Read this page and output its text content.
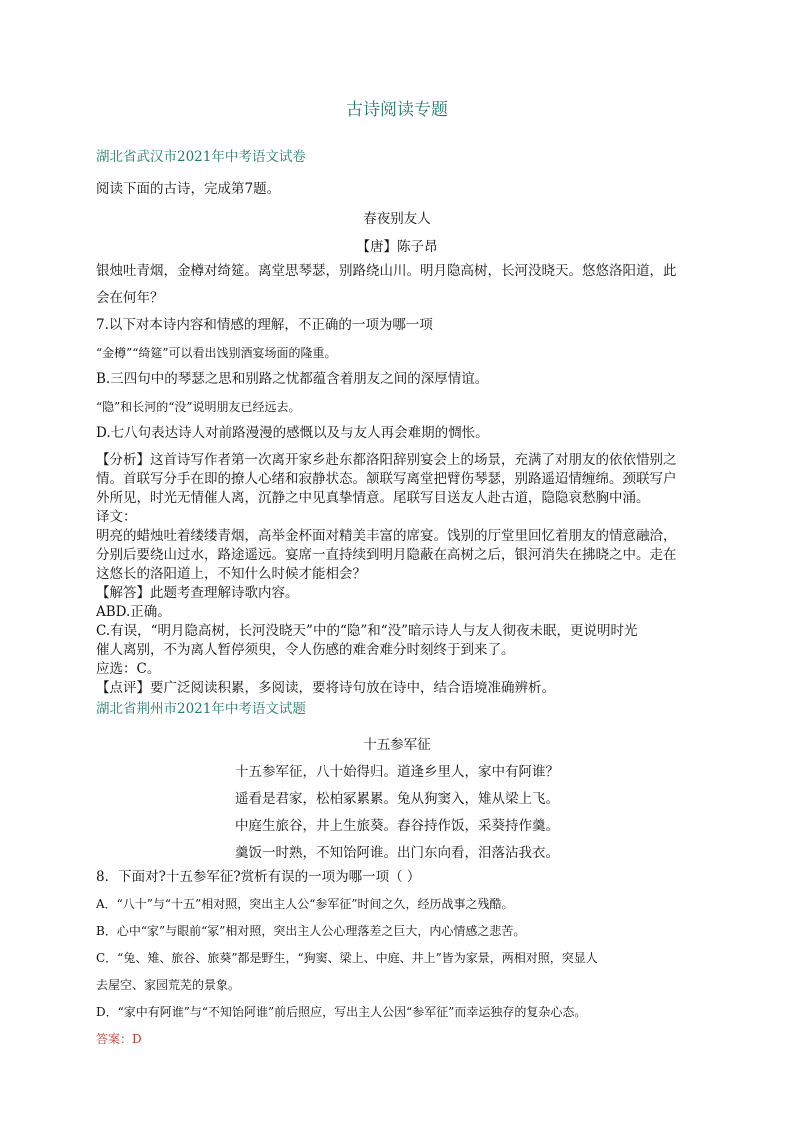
古诗阅读专题
湖北省武汉市2021年中考语文试卷
阅读下面的古诗，完成第7题。
春夜别友人
【唐】陈子昂
银烛吐青烟，金樽对绮筵。离堂思琴瑟，别路绕山川。明月隐高树，长河没晓天。悠悠洛阳道，此
会在何年？
7.以下对本诗内容和情感的理解，不正确的一项为哪一项
“金樽”“绮筵”可以看出饯别酒宴场面的隆重。
B.三四句中的琴瑟之思和别路之忧都蕴含着朋友之间的深厚情谊。
“隐”和长河的“没”说明朋友已经远去。
D.七八句表达诗人对前路漫漫的感慨以及与友人再会难期的惆怅。
【分析】这首诗写作者第一次离开家乡赴东都洛阳辞别宴会上的场景，充满了对朋友的依依惜别之
情。首联写分手在即的撩人心绪和寂静状态。颔联写离堂把臂伤琴瑟，别路遥迢情缠绵。颈联写户
外所见，时光无情催人离，沉静之中见真挚情意。尾联写目送友人赴古道，隐隐哀愁胸中涌。
译文：
明亮的蜡烛吐着缕缕青烟，高举金杯面对精美丰富的席宴。饯别的厅堂里回忆着朋友的情意融洽，
分别后要绕山过水，路途遥远。宴席一直持续到明月隐蔽在高树之后，银河消失在拂晓之中。走在
这悠长的洛阳道上，不知什么时候才能相会？
【解答】此题考查理解诗歌内容。
ABD.正确。
C.有误，“明月隐高树，长河没晓天”中的“隐”和“没”暗示诗人与友人彻夜未眠，更说明时光
催人离别，不为离人暂停须臾，令人伤感的难舍难分时刻终于到来了。
应选：C。
【点评】要广泛阅读积累，多阅读，要将诗句放在诗中，结合语境准确辨析。
湖北省荆州市2021年中考语文试题
十五参军征
十五参军征，八十始得归。道逢乡里人，家中有阿谁？
遥看是君家，松柏冢累累。兔从狗窦入，雉从梁上飞。
中庭生旅谷，井上生旅葵。舂谷持作饭，采葵持作羹。
羹饭一时熟，不知饴阿谁。出门东向看，泪落沾我衣。
8．下面对?十五参军征?赏析有误的一项为哪一项（ ）
A．“八十”与“十五”相对照，突出主人公“参军征”时间之久，经历战事之残酷。
B．心中“家”与眼前“冢”相对照，突出主人公心理落差之巨大，内心情感之悲苦。
C．“兔、雉、旅谷、旅葵”都是野生，“狗窦、梁上、中庭、井上”皆为家景，两相对照，突显人
去屋空、家园荒芜的景象。
D．“家中有阿谁”与“不知饴阿谁”前后照应，写出主人公因“参军征”而幸运独存的复杂心态。
答案：D
